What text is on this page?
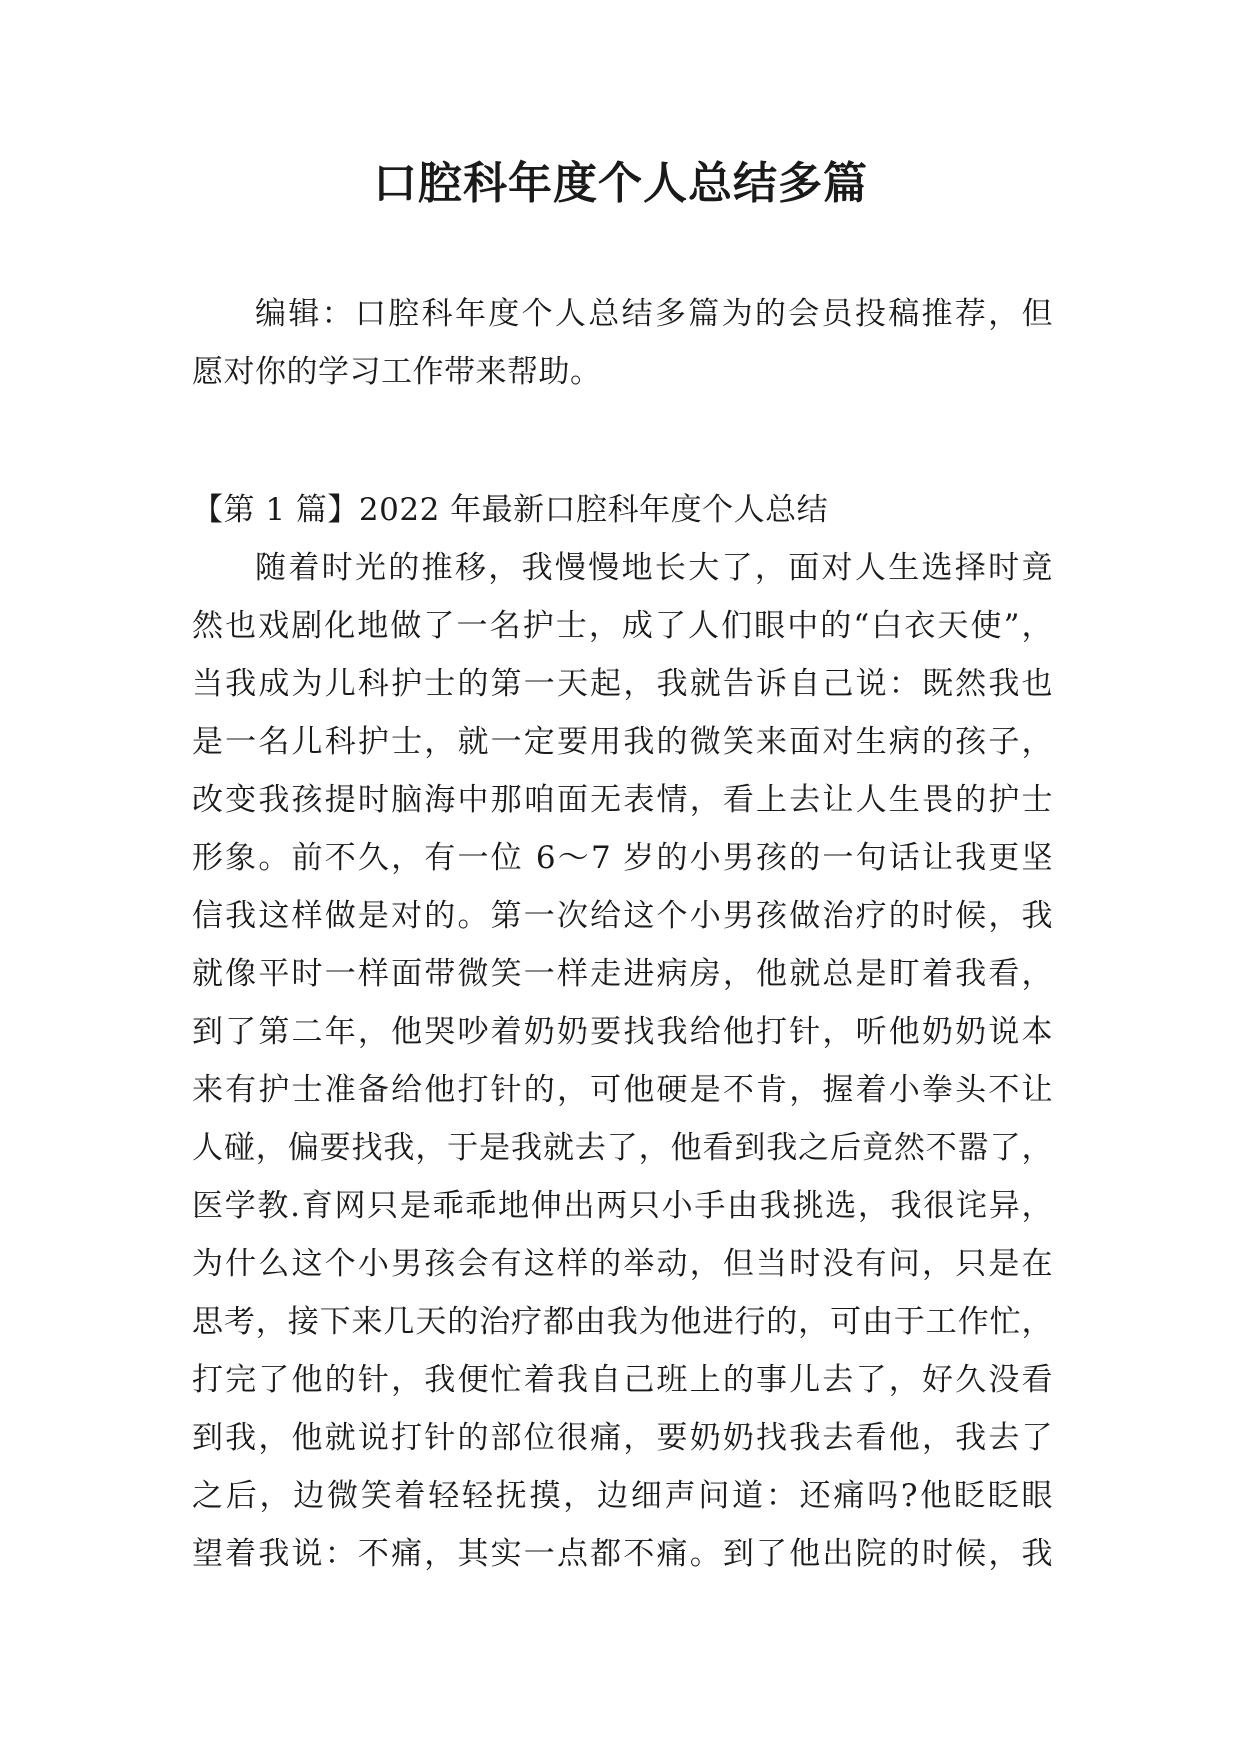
口腔科年度个人总结多篇
编辑：口腔科年度个人总结多篇为的会员投稿推荐，但
愿对你的学习工作带来帮助。
【第 1 篇】2022 年最新口腔科年度个人总结
随着时光的推移，我慢慢地长大了，面对人生选择时竟
然也戏剧化地做了一名护士，成了人们眼中的“白衣天使”，
当我成为儿科护士的第一天起，我就告诉自己说：既然我也
是一名儿科护士，就一定要用我的微笑来面对生病的孩子，
改变我孩提时脑海中那咱面无表情，看上去让人生畏的护士
形象。前不久，有一位 6～7 岁的小男孩的一句话让我更坚
信我这样做是对的。第一次给这个小男孩做治疗的时候，我
就像平时一样面带微笑一样走进病房，他就总是盯着我看，
到了第二年，他哭吵着奶奶要找我给他打针，听他奶奶说本
来有护士准备给他打针的，可他硬是不肯，握着小拳头不让
人碰，偏要找我，于是我就去了，他看到我之后竟然不嚣了，
医学教.育网只是乖乖地伸出两只小手由我挑选，我很诧异，
为什么这个小男孩会有这样的举动，但当时没有问，只是在
思考，接下来几天的治疗都由我为他进行的，可由于工作忙，
打完了他的针，我便忙着我自己班上的事儿去了，好久没看
到我，他就说打针的部位很痛，要奶奶找我去看他，我去了
之后，边微笑着轻轻抚摸，边细声问道：还痛吗?他眨眨眼
望着我说：不痛，其实一点都不痛。到了他出院的时候，我
